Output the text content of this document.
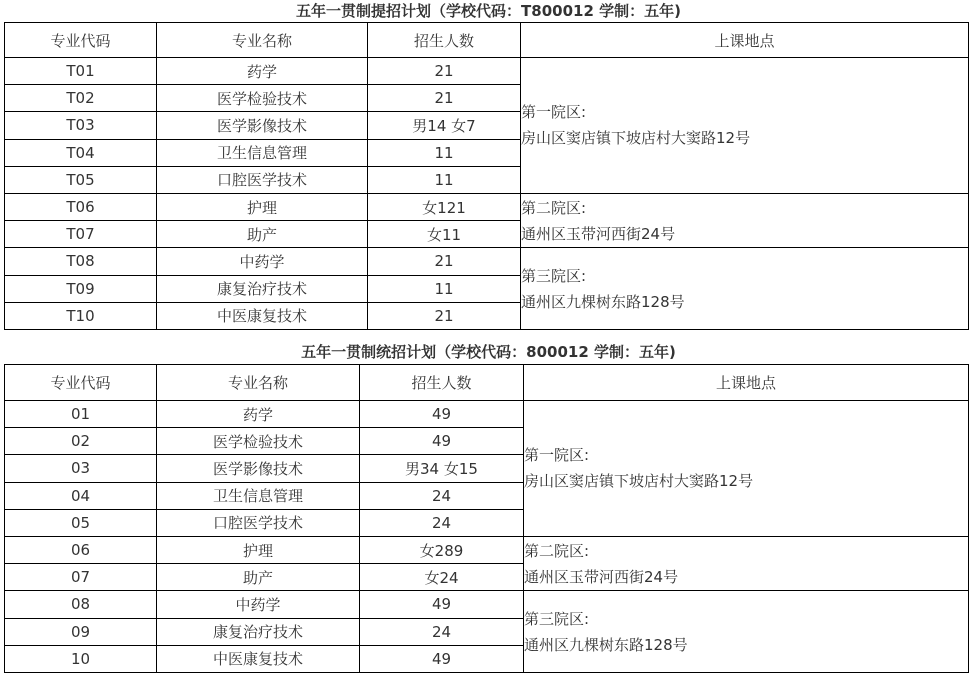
五年一贯制提招计划（学校代码：T800012 学制：五年)
专业代码	专业名称	招生人数	上课地点
T01	药学	21	第一院区:
房山区窦店镇下坡店村大窦路12号

T02	医学检验技术	21	
T03	医学影像技术	男14 女7	
T04	卫生信息管理	11	
T05	口腔医学技术	11	
T06	护理	女121	第二院区:
通州区玉带河西街24号

T07	助产	女11	
T08	中药学	21	第三院区:
通州区九棵树东路128号

T09	康复治疗技术	11	
T10	中医康复技术	21	
五年一贯制统招计划（学校代码：800012 学制：五年)
专业代码	专业名称	招生人数	上课地点
01	药学	49	第一院区:
房山区窦店镇下坡店村大窦路12号

02	医学检验技术	49	
03	医学影像技术	男34 女15	
04	卫生信息管理	24	
05	口腔医学技术	24	
06	护理	女289	第二院区:
通州区玉带河西街24号

07	助产	女24	
08	中药学	49	第三院区:
通州区九棵树东路128号

09	康复治疗技术	24	
10	中医康复技术	49	
